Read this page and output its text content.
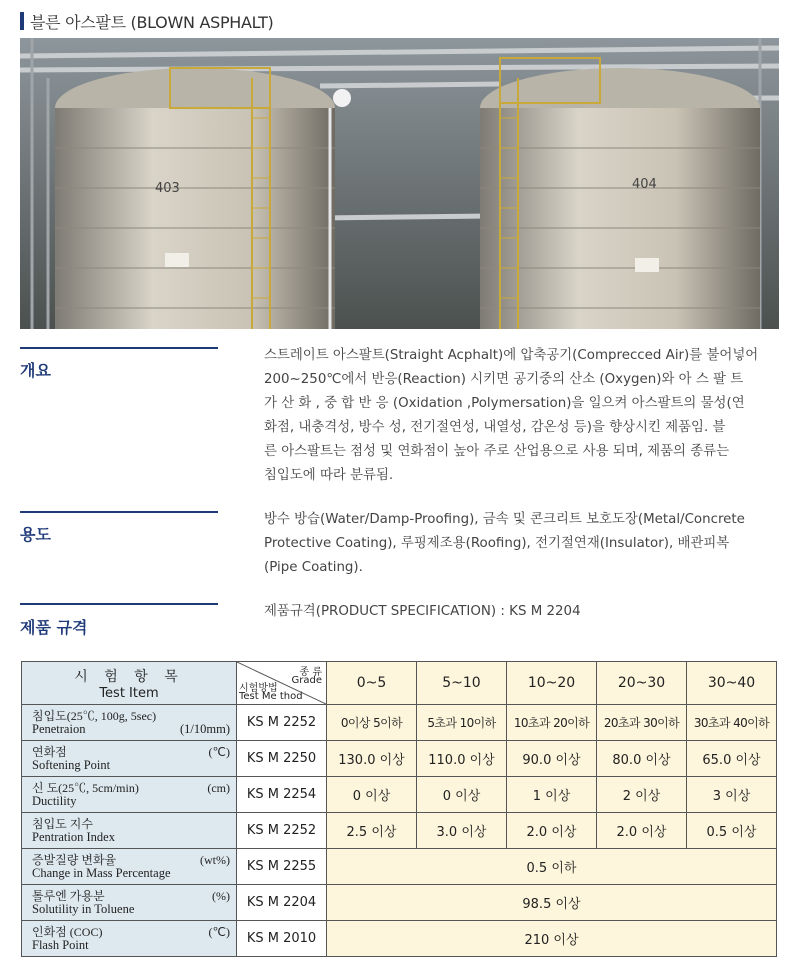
블른 아스팔트 (BLOWN ASPHALT)
403	404
개요
스트레이트 아스팔트(Straight Acphalt)에 압축공기(Comprecced Air)를 불어넣어
200~250℃에서 반응(Reaction) 시키면 공기중의 산소 (Oxygen)와 아 스 팔 트
가 산 화 , 중 합 반 응 (Oxidation ,Polymersation)을 일으켜 아스팔트의 물성(연
화점, 내충격성, 방수 성, 전기절연성, 내열성, 감온성 등)을 향상시킨 제품임. 블
른 아스팔트는 점성 및 연화점이 높아 주로 산업용으로 사용 되며, 제품의 종류는
침입도에 따라 분류됨.
용도
방수 방습(Water/Damp-Proofing), 금속 및 콘크리트 보호도장(Metal/Concrete
Protective Coating), 루핑제조용(Roofing), 전기절연재(Insulator), 배관피복
(Pipe Coating).
제품 규격
제품규격(PRODUCT SPECIFICATION) : KS M 2204
시 험 항 목
Test Item	종 류
Grade
시험방법
Test Me thod	0~5	5~10	10~20	20~30	30~40

침입도(25℃, 100g, 5sec)
Penetraion (1/10mm)	KS M 2252	0이상 5이하	5초과 10이하	10초과 20이하	20초과 30이하	30초과 40이하

연화점
Softening Point
(℃)	KS M 2250	130.0 이상	110.0 이상	90.0 이상	80.0 이상	65.0 이상

신 도(25℃, 5cm/min)
Ductility
(cm)	KS M 2254	0 이상	0 이상	1 이상	2 이상	3 이상

침입도 지수
Pentration Index	KS M 2252	2.5 이상	3.0 이상	2.0 이상	2.0 이상	0.5 이상

증발질량 변화율
Change in Mass Percentage
(wt%)	KS M 2255	0.5 이하				

톨루엔 가용분
Solutility in Toluene
(%)	KS M 2204	98.5 이상				

인화점 (COC)
Flash Point
(℃)	KS M 2010	210 이상				
